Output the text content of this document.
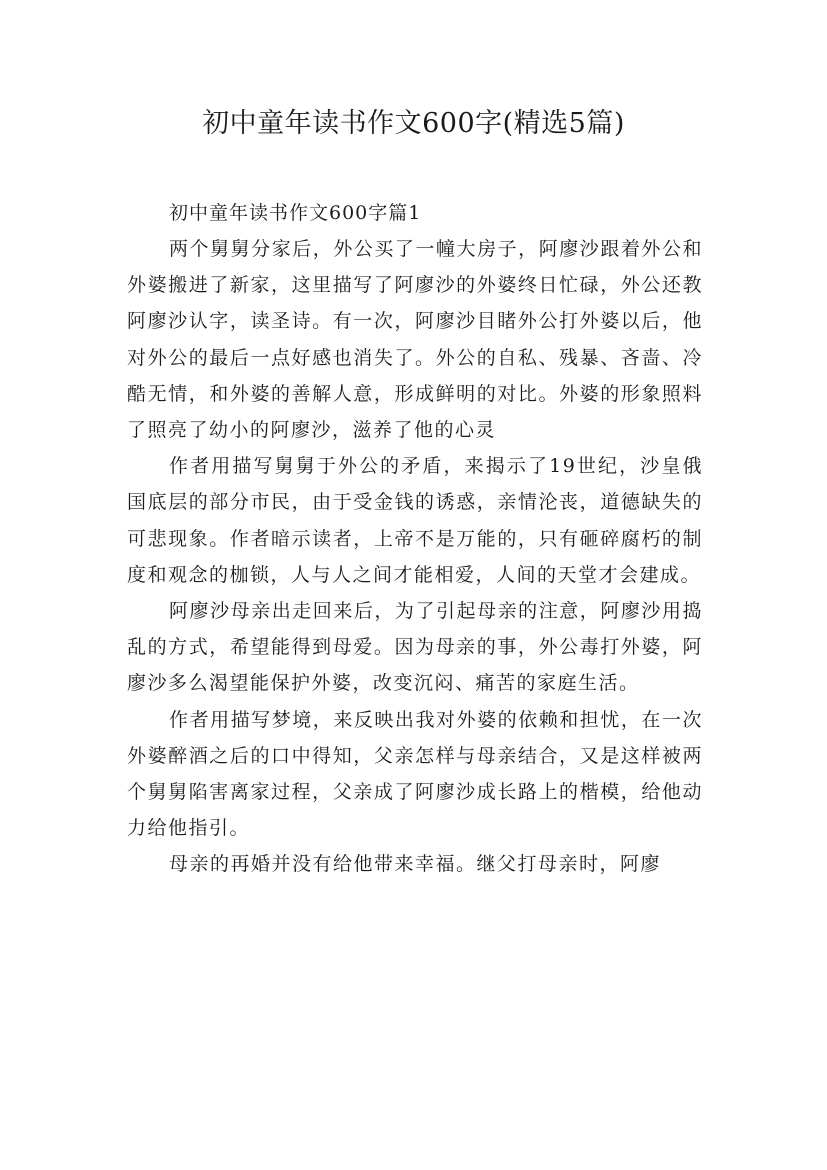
初中童年读书作文600字(精选5篇)
初中童年读书作文600字篇1

两个舅舅分家后，外公买了一幢大房子，阿廖沙跟着外公和外婆搬进了新家，这里描写了阿廖沙的外婆终日忙碌，外公还教阿廖沙认字，读圣诗。有一次，阿廖沙目睹外公打外婆以后，他对外公的最后一点好感也消失了。外公的自私、残暴、吝啬、冷酷无情，和外婆的善解人意，形成鲜明的对比。外婆的形象照料了照亮了幼小的阿廖沙，滋养了他的心灵

作者用描写舅舅于外公的矛盾，来揭示了19世纪，沙皇俄国底层的部分市民，由于受金钱的诱惑，亲情沦丧，道德缺失的可悲现象。作者暗示读者，上帝不是万能的，只有砸碎腐朽的制度和观念的枷锁，人与人之间才能相爱，人间的天堂才会建成。

阿廖沙母亲出走回来后，为了引起母亲的注意，阿廖沙用捣乱的方式，希望能得到母爱。因为母亲的事，外公毒打外婆，阿廖沙多么渴望能保护外婆，改变沉闷、痛苦的家庭生活。

作者用描写梦境，来反映出我对外婆的依赖和担忧，在一次外婆醉酒之后的口中得知，父亲怎样与母亲结合，又是这样被两个舅舅陷害离家过程，父亲成了阿廖沙成长路上的楷模，给他动力给他指引。

母亲的再婚并没有给他带来幸福。继父打母亲时，阿廖
